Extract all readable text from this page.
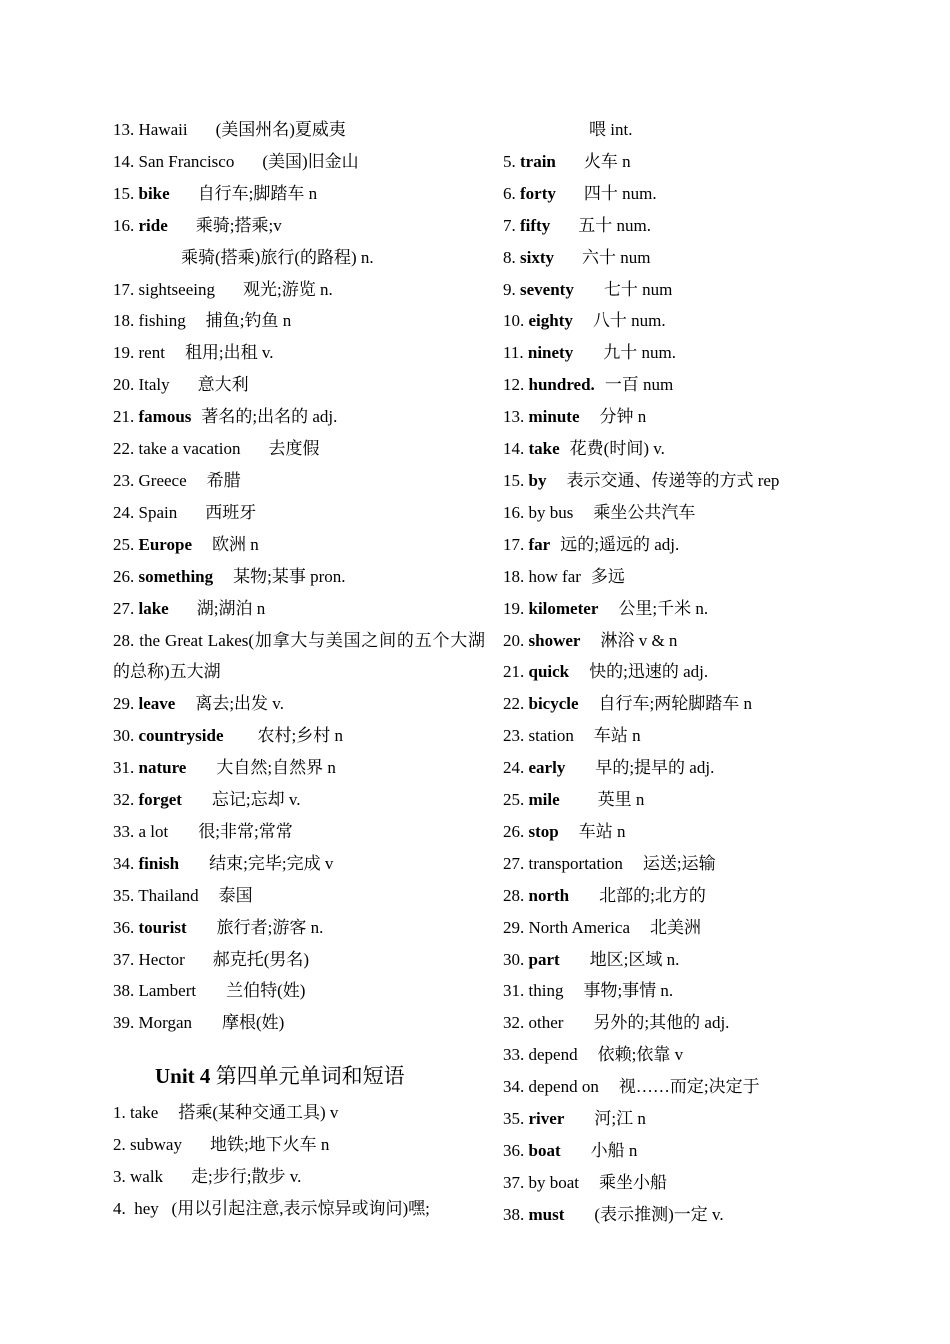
13. Hawaii (美国州名)夏威夷
14. San Francisco (美国)旧金山
15. bike 自行车;脚踏车 n
16. ride 乘骑;搭乘;v
乘骑(搭乘)旅行(的路程) n.
17. sightseeing 观光;游览 n.
18. fishing 捕鱼;钓鱼 n
19. rent 租用;出租 v.
20. Italy 意大利
21. famous 著名的;出名的 adj.
22. take a vacation 去度假
23. Greece 希腊
24. Spain 西班牙
25. Europe 欧洲 n
26. something 某物;某事 pron.
27. lake 湖;湖泊 n
28. the Great Lakes(加拿大与美国之间的五个大湖的总称)五大湖
29. leave 离去;出发 v.
30. countryside 农村;乡村 n
31. nature 大自然;自然界 n
32. forget 忘记;忘却 v.
33. a lot 很;非常;常常
34. finish 结束;完毕;完成 v
35. Thailand 泰国
36. tourist 旅行者;游客 n.
37. Hector 郝克托(男名)
38. Lambert 兰伯特(姓)
39. Morgan 摩根(姓)
Unit 4 第四单元单词和短语
1. take 搭乘(某种交通工具) v
2. subway 地铁;地下火车 n
3. walk 走;步行;散步 v.
4.  hey   (用以引起注意,表示惊异或询问)嘿;
喂 int.
5. train 火车 n
6. forty 四十 num.
7. fifty 五十 num.
8. sixty 六十 num
9. seventy 七十 num
10. eighty 八十 num.
11. ninety 九十 num.
12. hundred. 一百 num
13. minute 分钟 n
14. take 花费(时间) v.
15. by 表示交通、传递等的方式 rep
16. by bus 乘坐公共汽车
17. far 远的;遥远的 adj.
18. how far 多远
19. kilometer 公里;千米 n.
20. shower 淋浴 v & n
21. quick 快的;迅速的 adj.
22. bicycle 自行车;两轮脚踏车 n
23. station 车站 n
24. early 早的;提早的 adj.
25. mile 英里 n
26. stop 车站 n
27. transportation 运送;运输
28. north 北部的;北方的
29. North America 北美洲
30. part 地区;区域 n.
31. thing 事物;事情 n.
32. other 另外的;其他的 adj.
33. depend 依赖;依靠 v
34. depend on 视……而定;决定于
35. river 河;江 n
36. boat 小船 n
37. by boat 乘坐小船
38. must (表示推测)一定 v.
